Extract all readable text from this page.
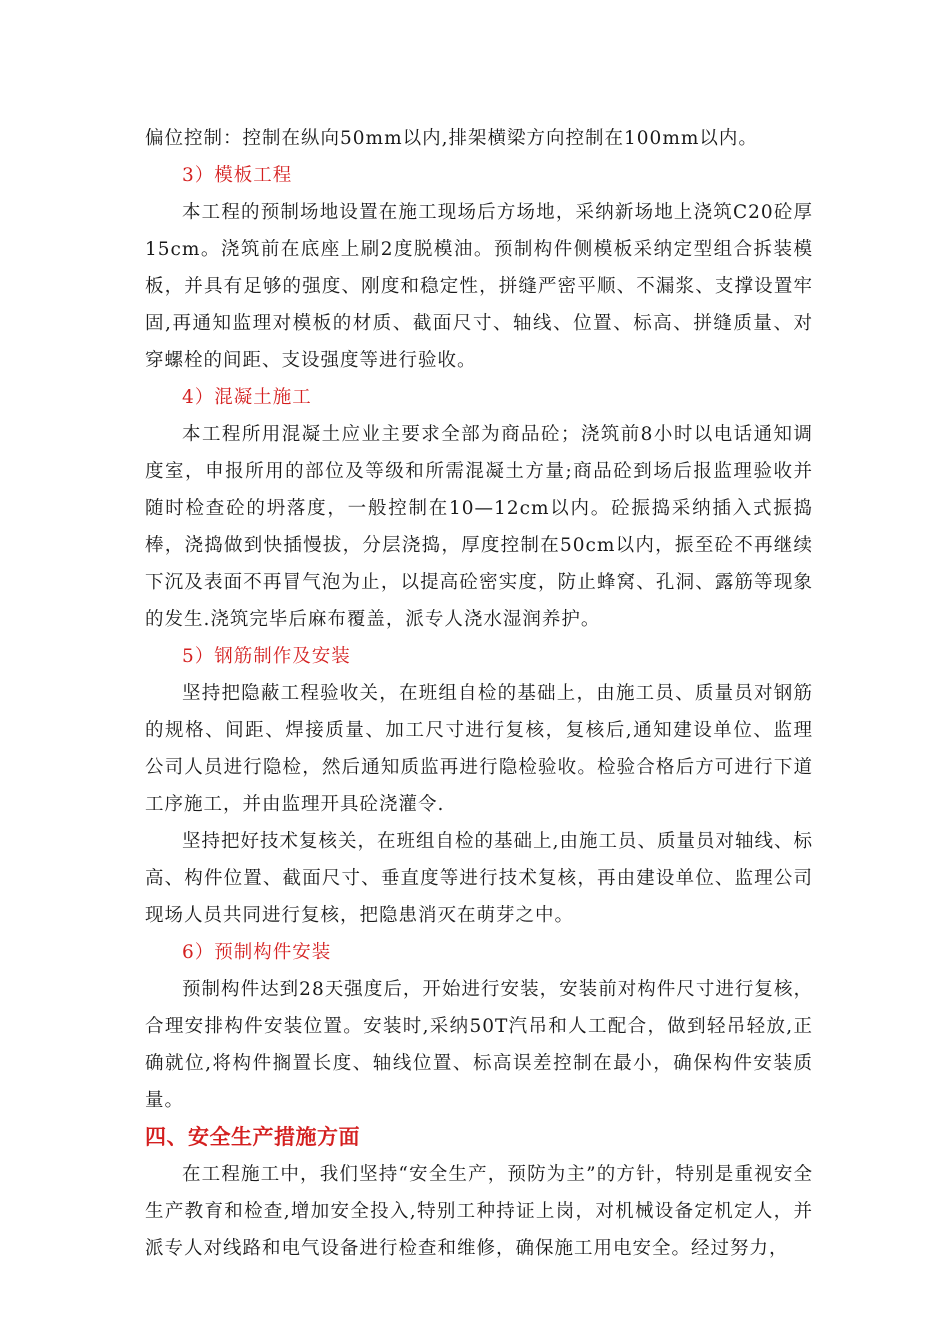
偏位控制：控制在纵向50mm以内,排架横梁方向控制在100mm以内。

3）模板工程

本工程的预制场地设置在施工现场后方场地，采纳新场地上浇筑C20砼厚15cm。浇筑前在底座上刷2度脱模油。预制构件侧模板采纳定型组合拆装模板，并具有足够的强度、刚度和稳定性，拼缝严密平顺、不漏浆、支撑设置牢固,再通知监理对模板的材质、截面尺寸、轴线、位置、标高、拼缝质量、对穿螺栓的间距、支设强度等进行验收。

4）混凝土施工

本工程所用混凝土应业主要求全部为商品砼；浇筑前8小时以电话通知调度室，申报所用的部位及等级和所需混凝土方量;商品砼到场后报监理验收并随时检查砼的坍落度，一般控制在10—12cm以内。砼振捣采纳插入式振捣棒，浇捣做到快插慢拔，分层浇捣，厚度控制在50cm以内，振至砼不再继续下沉及表面不再冒气泡为止，以提高砼密实度，防止蜂窝、孔洞、露筋等现象的发生.浇筑完毕后麻布覆盖，派专人浇水湿润养护。

5）钢筋制作及安装

坚持把隐蔽工程验收关，在班组自检的基础上，由施工员、质量员对钢筋的规格、间距、焊接质量、加工尺寸进行复核，复核后,通知建设单位、监理公司人员进行隐检，然后通知质监再进行隐检验收。检验合格后方可进行下道工序施工，并由监理开具砼浇灌令.

坚持把好技术复核关，在班组自检的基础上,由施工员、质量员对轴线、标高、构件位置、截面尺寸、垂直度等进行技术复核，再由建设单位、监理公司现场人员共同进行复核，把隐患消灭在萌芽之中。

6）预制构件安装

预制构件达到28天强度后，开始进行安装，安装前对构件尺寸进行复核，合理安排构件安装位置。安装时,采纳50T汽吊和人工配合，做到轻吊轻放,正确就位,将构件搁置长度、轴线位置、标高误差控制在最小，确保构件安装质量。

四、安全生产措施方面

在工程施工中，我们坚持“安全生产，预防为主”的方针，特别是重视安全生产教育和检查,增加安全投入,特别工种持证上岗，对机械设备定机定人，并派专人对线路和电气设备进行检查和维修，确保施工用电安全。经过努力，
